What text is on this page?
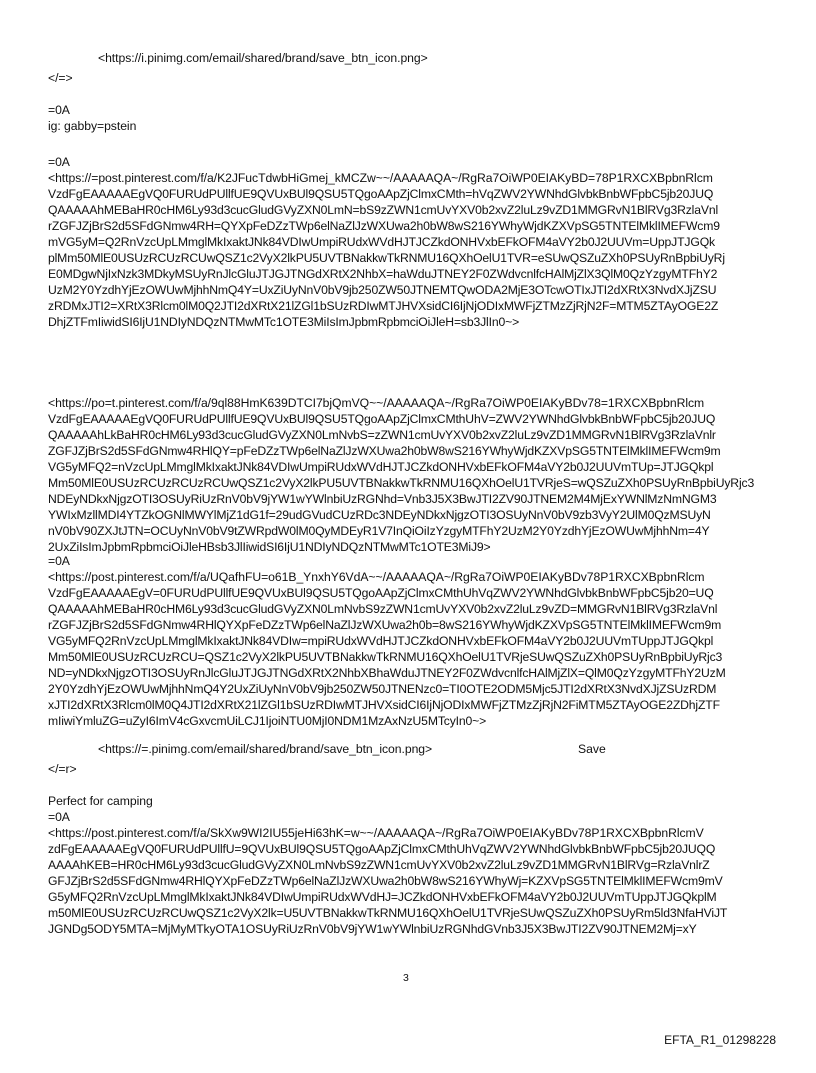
<https://i.pinimg.com/email/shared/brand/save_btn_icon.png>
</=>
=0A
ig: gabby=pstein
=0A
<https://=post.pinterest.com/f/a/K2JFucTdwbHiGmej_kMCZw~~/AAAAAQA~/RgRa7OiWP0EIAKyBD=78P1RXCXBpbnRlcm
VzdFgEAAAAAEgVQ0FURUdPUllfUE9QVUxBUl9QSU5TQgoAApZjClmxCMth=hVqZWV2YWNhdGlvbkBnbWFpbC5jb20JUQ
QAAAAAhMEBaHR0cHM6Ly93d3cucGludGVyZXN0LmN=bS9zZWN1cmUvYXV0b2xvZ2luLz9vZD1MMGRvN1BlRVg3RzlaVnl
rZGFJZjBrS2d5SFdGNmw4RH=QYXpFeDZzTWp6elNaZlJzWXUwa2h0bW8wS216YWhyWjdKZXVpSG5TNTElMklIMEFWcm9
mVG5yM=Q2RnVzcUpLMmglMkIxaktJNk84VDIwUmpiRUdxWVdHJTJCZkdONHVxbEFkOFM4aVY2b0J2UUVm=UppJTJGQk
plMm50MlE0USUzRCUzRCUwQSZ1c2VyX2lkPU5UVTBNakkwTkRNMU16QXhOelU1TVR=eSUwQSZuZXh0PSUyRnBpbiUyRj
E0MDgwNjIxNzk3MDkyMSUyRnJlcGluJTJGJTNGdXRtX2NhbX=haWduJTNEY2F0ZWdvcnlfcHAlMjZlX3QlM0QzYzgyMTFhY2
UzM2Y0YzdhYjEzOWUwMjhhNmQ4Y=UxZiUyNnV0bV9jb250ZW50JTNEMTQwODA2MjE3OTcwOTIxJTI2dXRtX3NvdXJjZSU
zRDMxJTI2=XRtX3Rlcm0lM0Q2JTI2dXRtX21lZGl1bSUzRDIwMTJHVXsidCI6IjNjODIxMWFjZTMzZjRjN2F=MTM5ZTAyOGE2Z
DhjZTFmIiwidSI6IjU1NDIyNDQzNTMwMTc1OTE3MiIsImJpbmRpbmciOiJleH=sb3JlIn0~>
<https://po=t.pinterest.com/f/a/9ql88HmK639DTCI7bjQmVQ~~/AAAAAQA~/RgRa7OiWP0EIAKyBDv78=1RXCXBpbnRlcm
VzdFgEAAAAAEgVQ0FURUdPUllfUE9QVUxBUl9QSU5TQgoAApZjClmxCMthUhV=ZWV2YWNhdGlvbkBnbWFpbC5jb20JUQ
QAAAAAhLkBaHR0cHM6Ly93d3cucGludGVyZXN0LmNvbS=zZWN1cmUvYXV0b2xvZ2luLz9vZD1MMGRvN1BlRVg3RzlaVnlr
ZGFJZjBrS2d5SFdGNmw4RHlQY=pFeDZzTWp6elNaZlJzWXUwa2h0bW8wS216YWhyWjdKZXVpSG5TNTElMklIMEFWcm9m
VG5yMFQ2=nVzcUpLMmglMkIxaktJNk84VDIwUmpiRUdxWVdHJTJCZkdONHVxbEFkOFM4aVY2b0J2UUVmTUp=JTJGQkpl
Mm50MlE0USUzRCUzRCUzRCUwQSZ1c2VyX2lkPU5UVTBNakkwTkRNMU16QXhOelU1TVRjeS=wQSZuZXh0PSUyRnBpbiUyRjc3
NDEyNDkxNjgzOTI3OSUyRiUzRnV0bV9jYW1wYWlnbiUzRGNhd=Vnb3J5X3BwJTI2ZV90JTNEM2M4MjExYWNlMzNmNGM3
YWIxMzllMDI4YTZkOGNlMWYlMjZ1dG1f=29udGVudCUzRDc3NDEyNDkxNjgzOTI3OSUyNnV0bV9zb3VyY2UlM0QzMSUyN
nV0bV90ZXJtJTN=OCUyNnV0bV9tZWRpdW0lM0QyMDEyR1V7InQiOiIzYzgyMTFhY2UzM2Y0YzdhYjEzOWUwMjhhNm=4Y
2UxZiIsImJpbmRpbmciOiJleHBsb3JlIiwidSI6IjU1NDIyNDQzNTMwMTc1OTE3MiJ9>
=0A
<https://post.pinterest.com/f/a/UQafhFU=o61B_YnxhY6VdA~~/AAAAAQA~/RgRa7OiWP0EIAKyBDv78P1RXCXBpbnRlcm
VzdFgEAAAAAEgV=0FURUdPUllfUE9QVUxBUl9QSU5TQgoAApZjClmxCMthUhVqZWV2YWNhdGlvbkBnbWFpbC5jb20=UQ
QAAAAAhMEBaHR0cHM6Ly93d3cucGludGVyZXN0LmNvbS9zZWN1cmUvYXV0b2xvZ2luLz9vZD=MMGRvN1BlRVg3RzlaVnl
rZGFJZjBrS2d5SFdGNmw4RHlQYXpFeDZzTWp6elNaZlJzWXUwa2h0b=8wS216YWhyWjdKZXVpSG5TNTElMklIMEFWcm9m
VG5yMFQ2RnVzcUpLMmglMkIxaktJNk84VDIw=mpiRUdxWVdHJTJCZkdONHVxbEFkOFM4aVY2b0J2UUVmTUppJTJGQkpl
Mm50MlE0USUzRCUzRCU=QSZ1c2VyX2lkPU5UVTBNakkwTkRNMU16QXhOelU1TVRjeSUwQSZuZXh0PSUyRnBpbiUyRjc3
ND=yNDkxNjgzOTI3OSUyRnJlcGluJTJGJTNGdXRtX2NhbXBhaWduJTNEY2F0ZWdvcnlfcHAlMjZlX=QlM0QzYzgyMTFhY2UzM
2Y0YzdhYjEzOWUwMjhhNmQ4Y2UxZiUyNnV0bV9jb250ZW50JTNENzc0=TI0OTE2ODM5Mjc5JTI2dXRtX3NvdXJjZSUzRDM
xJTI2dXRtX3Rlcm0lM0Q4JTI2dXRtX21lZGl1bSUzRDIwMTJHVXsidCI6IjNjODIxMWFjZTMzZjRjN2FiMTM5ZTAyOGE2ZDhjZTF
mIiwiYmluZG=uZyI6ImV4cGxvcmUiLCJ1IjoiNTU0MjI0NDM1MzAxNzU5MTcyIn0~>
<https://=.pinimg.com/email/shared/brand/save_btn_icon.png>	Save
</=r>
Perfect for camping
=0A
<https://post.pinterest.com/f/a/SkXw9WI2IU55jeHi63hK=w~~/AAAAAQA~/RgRa7OiWP0EIAKyBDv78P1RXCXBpbnRlcmV
zdFgEAAAAAEgVQ0FURUdPUllfU=9QVUxBUl9QSU5TQgoAApZjClmxCMthUhVqZWV2YWNhdGlvbkBnbWFpbC5jb20JUQQ
AAAAhKEB=HR0cHM6Ly93d3cucGludGVyZXN0LmNvbS9zZWN1cmUvYXV0b2xvZ2luLz9vZD1MMGRvN1BlRVg=RzlaVnlrZ
GFJZjBrS2d5SFdGNmw4RHlQYXpFeDZzTWp6elNaZlJzWXUwa2h0bW8wS216YWhyWj=KZXVpSG5TNTElMklIMEFWcm9mV
G5yMFQ2RnVzcUpLMmglMkIxaktJNk84VDIwUmpiRUdxWVdHJ=JCZkdONHVxbEFkOFM4aVY2b0J2UUVmTUppJTJGQkplM
m50MlE0USUzRCUzRCUwQSZ1c2VyX2lk=U5UVTBNakkwTkRNMU16QXhOelU1TVRjeSUwQSZuZXh0PSUyRm5ld3NfaHViJT
JGNDg5ODY5MTA=MjMyMTkyOTA1OSUyRiUzRnV0bV9jYW1wYWlnbiUzRGNhdGVnb3J5X3BwJTI2ZV90JTNEM2Mj=xY
3
EFTA_R1_01298228
